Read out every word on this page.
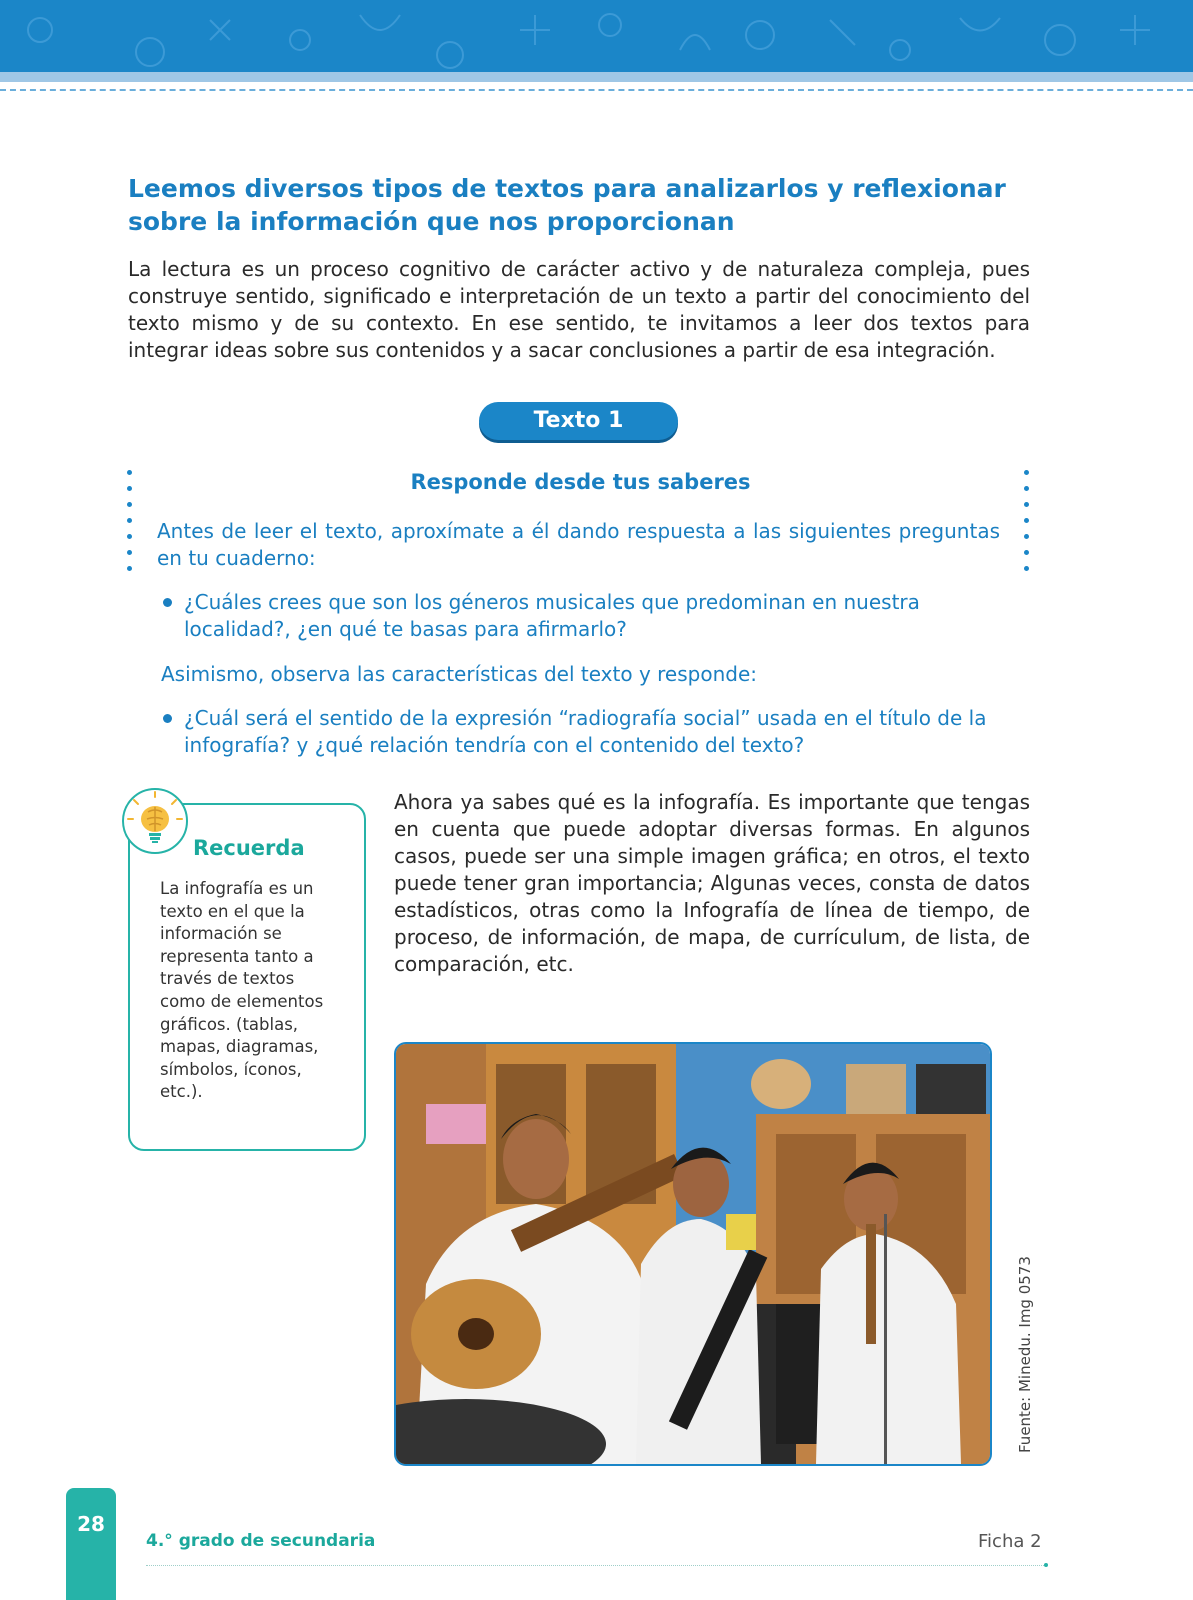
Leemos diversos tipos de textos para analizarlos y reflexionar sobre la información que nos proporcionan

La lectura es un proceso cognitivo de carácter activo y de naturaleza compleja, pues construye sentido, significado e interpretación de un texto a partir del conocimiento del texto mismo y de su contexto. En ese sentido, te invitamos a leer dos textos para integrar ideas sobre sus contenidos y a sacar conclusiones a partir de esa integración.

Texto 1
Responde desde tus saberes

Antes de leer el texto, aproxímate a él dando respuesta a las siguientes preguntas en tu cuaderno:

¿Cuáles crees que son los géneros musicales que predominan en nuestra localidad?, ¿en qué te basas para afirmarlo?

Asimismo, observa las características del texto y responde:

¿Cuál será el sentido de la expresión “radiografía social” usada en el título de la infografía? y ¿qué relación tendría con el contenido del texto?
Recuerda

La infografía es un texto en el que la información se representa tanto a través de textos como de elementos gráficos. (tablas, mapas, diagramas, símbolos, íconos, etc.).

Ahora ya sabes qué es la infografía. Es importante que tengas en cuenta que puede adoptar diversas formas. En algunos casos, puede ser una simple imagen gráfica; en otros, el texto puede tener gran importancia; Algunas veces, consta de datos estadísticos, otras como la Infografía de línea de tiempo, de proceso, de información, de mapa, de currículum, de lista, de comparación, etc.

Fuente: Minedu. Img 0573

28

4.° grado de secundaria	Ficha 2
